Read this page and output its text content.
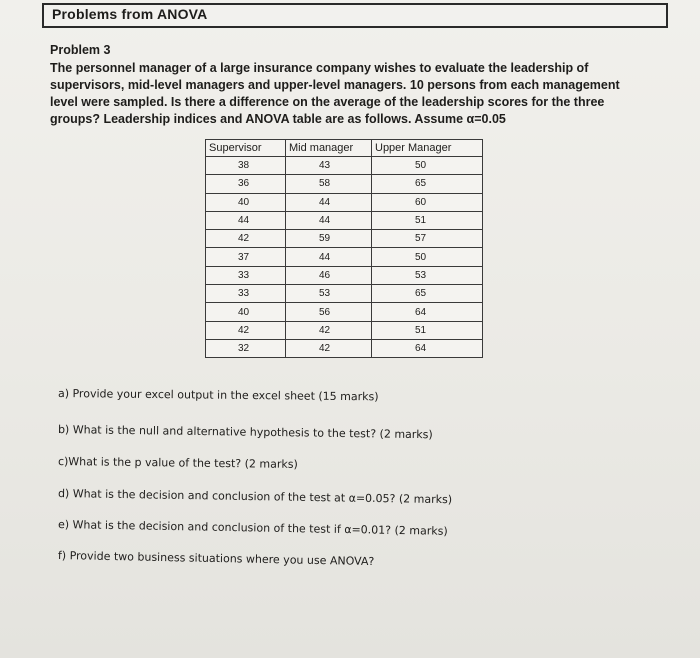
Problems from ANOVA
Problem 3
The personnel manager of a large insurance company wishes to evaluate the leadership of
supervisors, mid-level managers and upper-level managers. 10 persons from each management
level were sampled. Is there a difference on the average of the leadership scores for the three
groups? Leadership indices and ANOVA table are as follows. Assume α=0.05
Supervisor	Mid manager	Upper Manager
38	43	50
36	58	65
40	44	60
44	44	51
42	59	57
37	44	50
33	46	53
33	53	65
40	56	64
42	42	51
32	42	64
a) Provide your excel output in the excel sheet (15 marks)
b) What is the null and alternative hypothesis to the test? (2 marks)
c)What is the p value of the test? (2 marks)
d) What is the decision and conclusion of the test at α=0.05? (2 marks)
e) What is the decision and conclusion of the test if α=0.01? (2 marks)
f) Provide two business situations where you use ANOVA?
